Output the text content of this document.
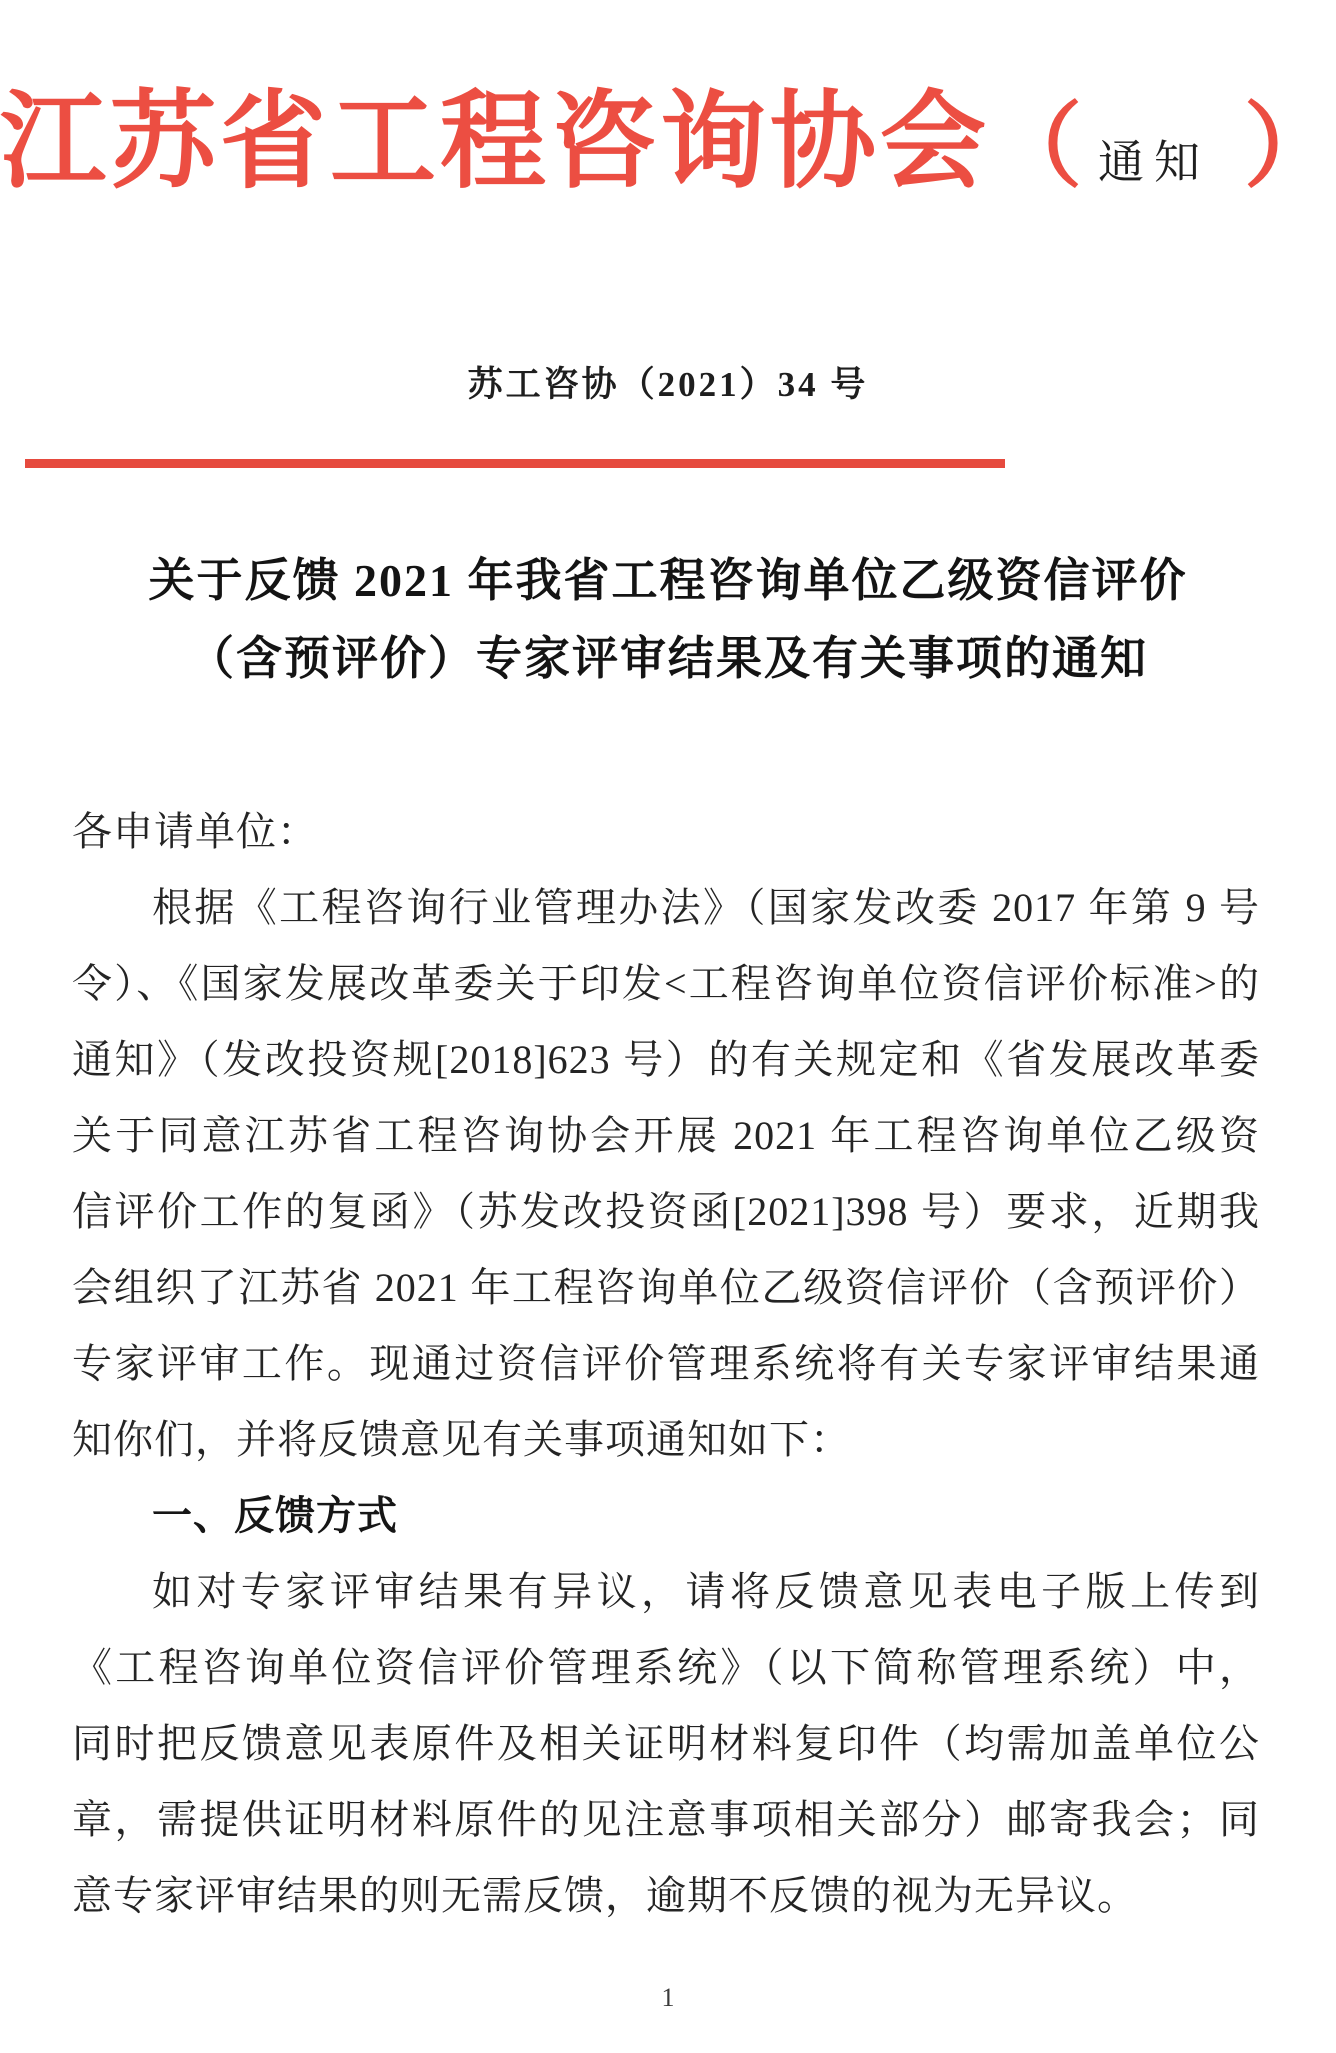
江苏省工程咨询协会 （ 通知 ）
苏工咨协（2021）34 号
关于反馈 2021 年我省工程咨询单位乙级资信评价
（含预评价）专家评审结果及有关事项的通知
各申请单位：
根据《工程咨询行业管理办法》（国家发改委 2017 年第 9 号
令）、《国家发展改革委关于印发<工程咨询单位资信评价标准>的
通知》（发改投资规[2018]623 号）的有关规定和《省发展改革委
关于同意江苏省工程咨询协会开展 2021 年工程咨询单位乙级资
信评价工作的复函》（苏发改投资函[2021]398 号）要求，近期我
会组织了江苏省 2021 年工程咨询单位乙级资信评价（含预评价）
专家评审工作。现通过资信评价管理系统将有关专家评审结果通
知你们，并将反馈意见有关事项通知如下：
一、反馈方式
如对专家评审结果有异议，请将反馈意见表电子版上传到
《工程咨询单位资信评价管理系统》（以下简称管理系统）中，
同时把反馈意见表原件及相关证明材料复印件（均需加盖单位公
章，需提供证明材料原件的见注意事项相关部分）邮寄我会；同
意专家评审结果的则无需反馈，逾期不反馈的视为无异议。
1
